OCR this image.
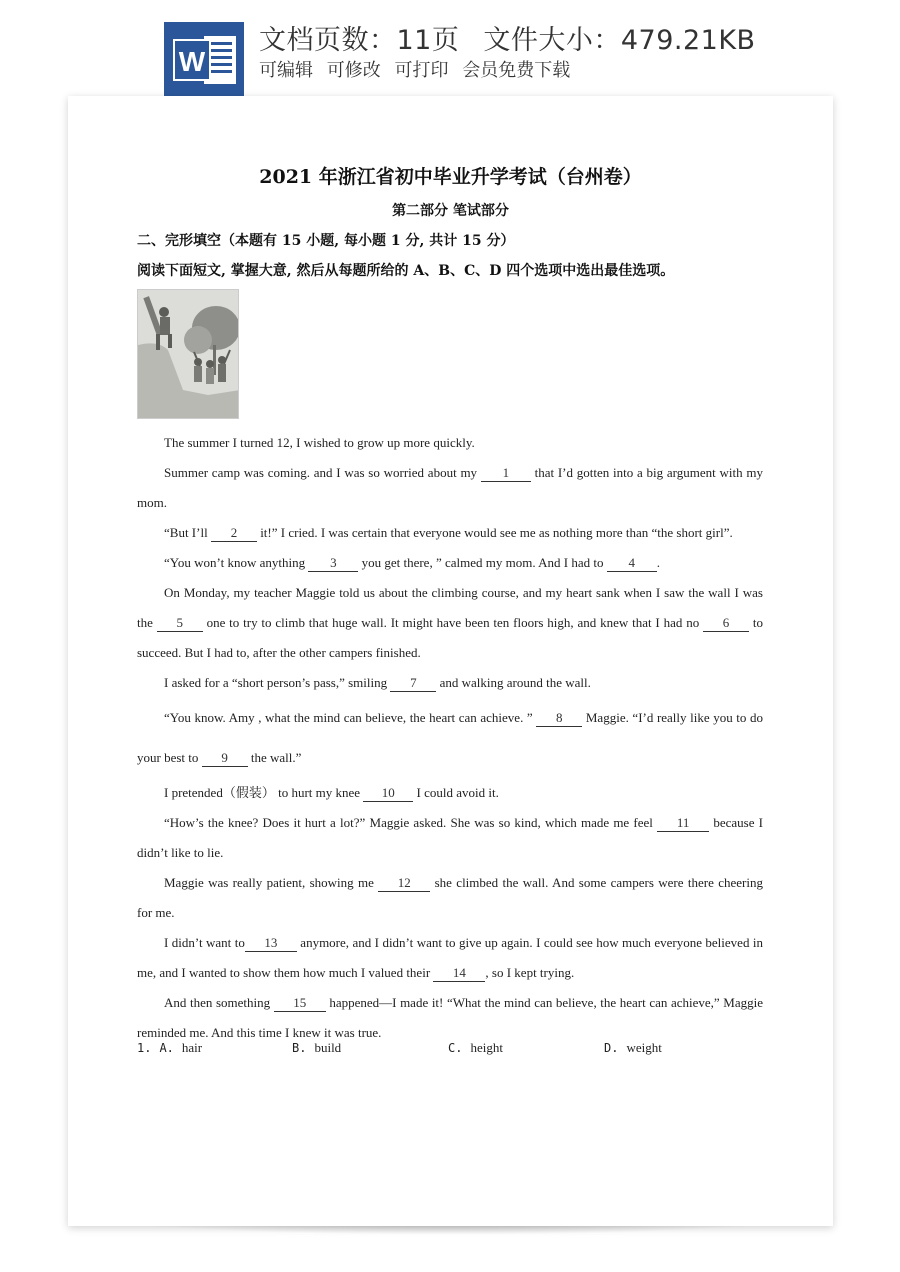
W
文档页数：11页 文件大小：479.21KB
可编辑 可修改 可打印 会员免费下载
2021 年浙江省初中毕业升学考试（台州卷）
第二部分 笔试部分
二、完形填空（本题有 15 小题, 每小题 1 分, 共计 15 分）
阅读下面短文, 掌握大意, 然后从每题所给的 A、B、C、D 四个选项中选出最佳选项。

The summer I turned 12, I wished to grow up more quickly.

Summer camp was coming. and I was so worried about my 1 that I’d gotten into a big argument with my mom.

“But I’ll 2 it!” I cried. I was certain that everyone would see me as nothing more than “the short girl”.

“You won’t know anything 3 you get there, ” calmed my mom. And I had to 4 .

On Monday, my teacher Maggie told us about the climbing course, and my heart sank when I saw the wall I was the 5 one to try to climb that huge wall. It might have been ten floors high, and knew that I had no 6 to succeed. But I had to, after the other campers finished.

I asked for a “short person’s pass,” smiling 7 and walking around the wall.

“You know. Amy , what the mind can believe, the heart can achieve. ” 8 Maggie. “I’d really like you to do your best to 9 the wall.”

I pretended（假装） to hurt my knee 10 I could avoid it.

“How’s the knee? Does it hurt a lot?” Maggie asked. She was so kind, which made me feel 11 because I didn’t like to lie.

Maggie was really patient, showing me 12 she climbed the wall. And some campers were there cheering for me.

I didn’t want to 13 anymore, and I didn’t want to give up again. I could see how much everyone believed in me, and I wanted to show them how much I valued their 14 , so I kept trying.

And then something 15 happened—I made it! “What the mind can believe, the heart can achieve,” Maggie reminded me. And this time I knew it was true.

1. A. hair	B. build	C. height	D. weight
